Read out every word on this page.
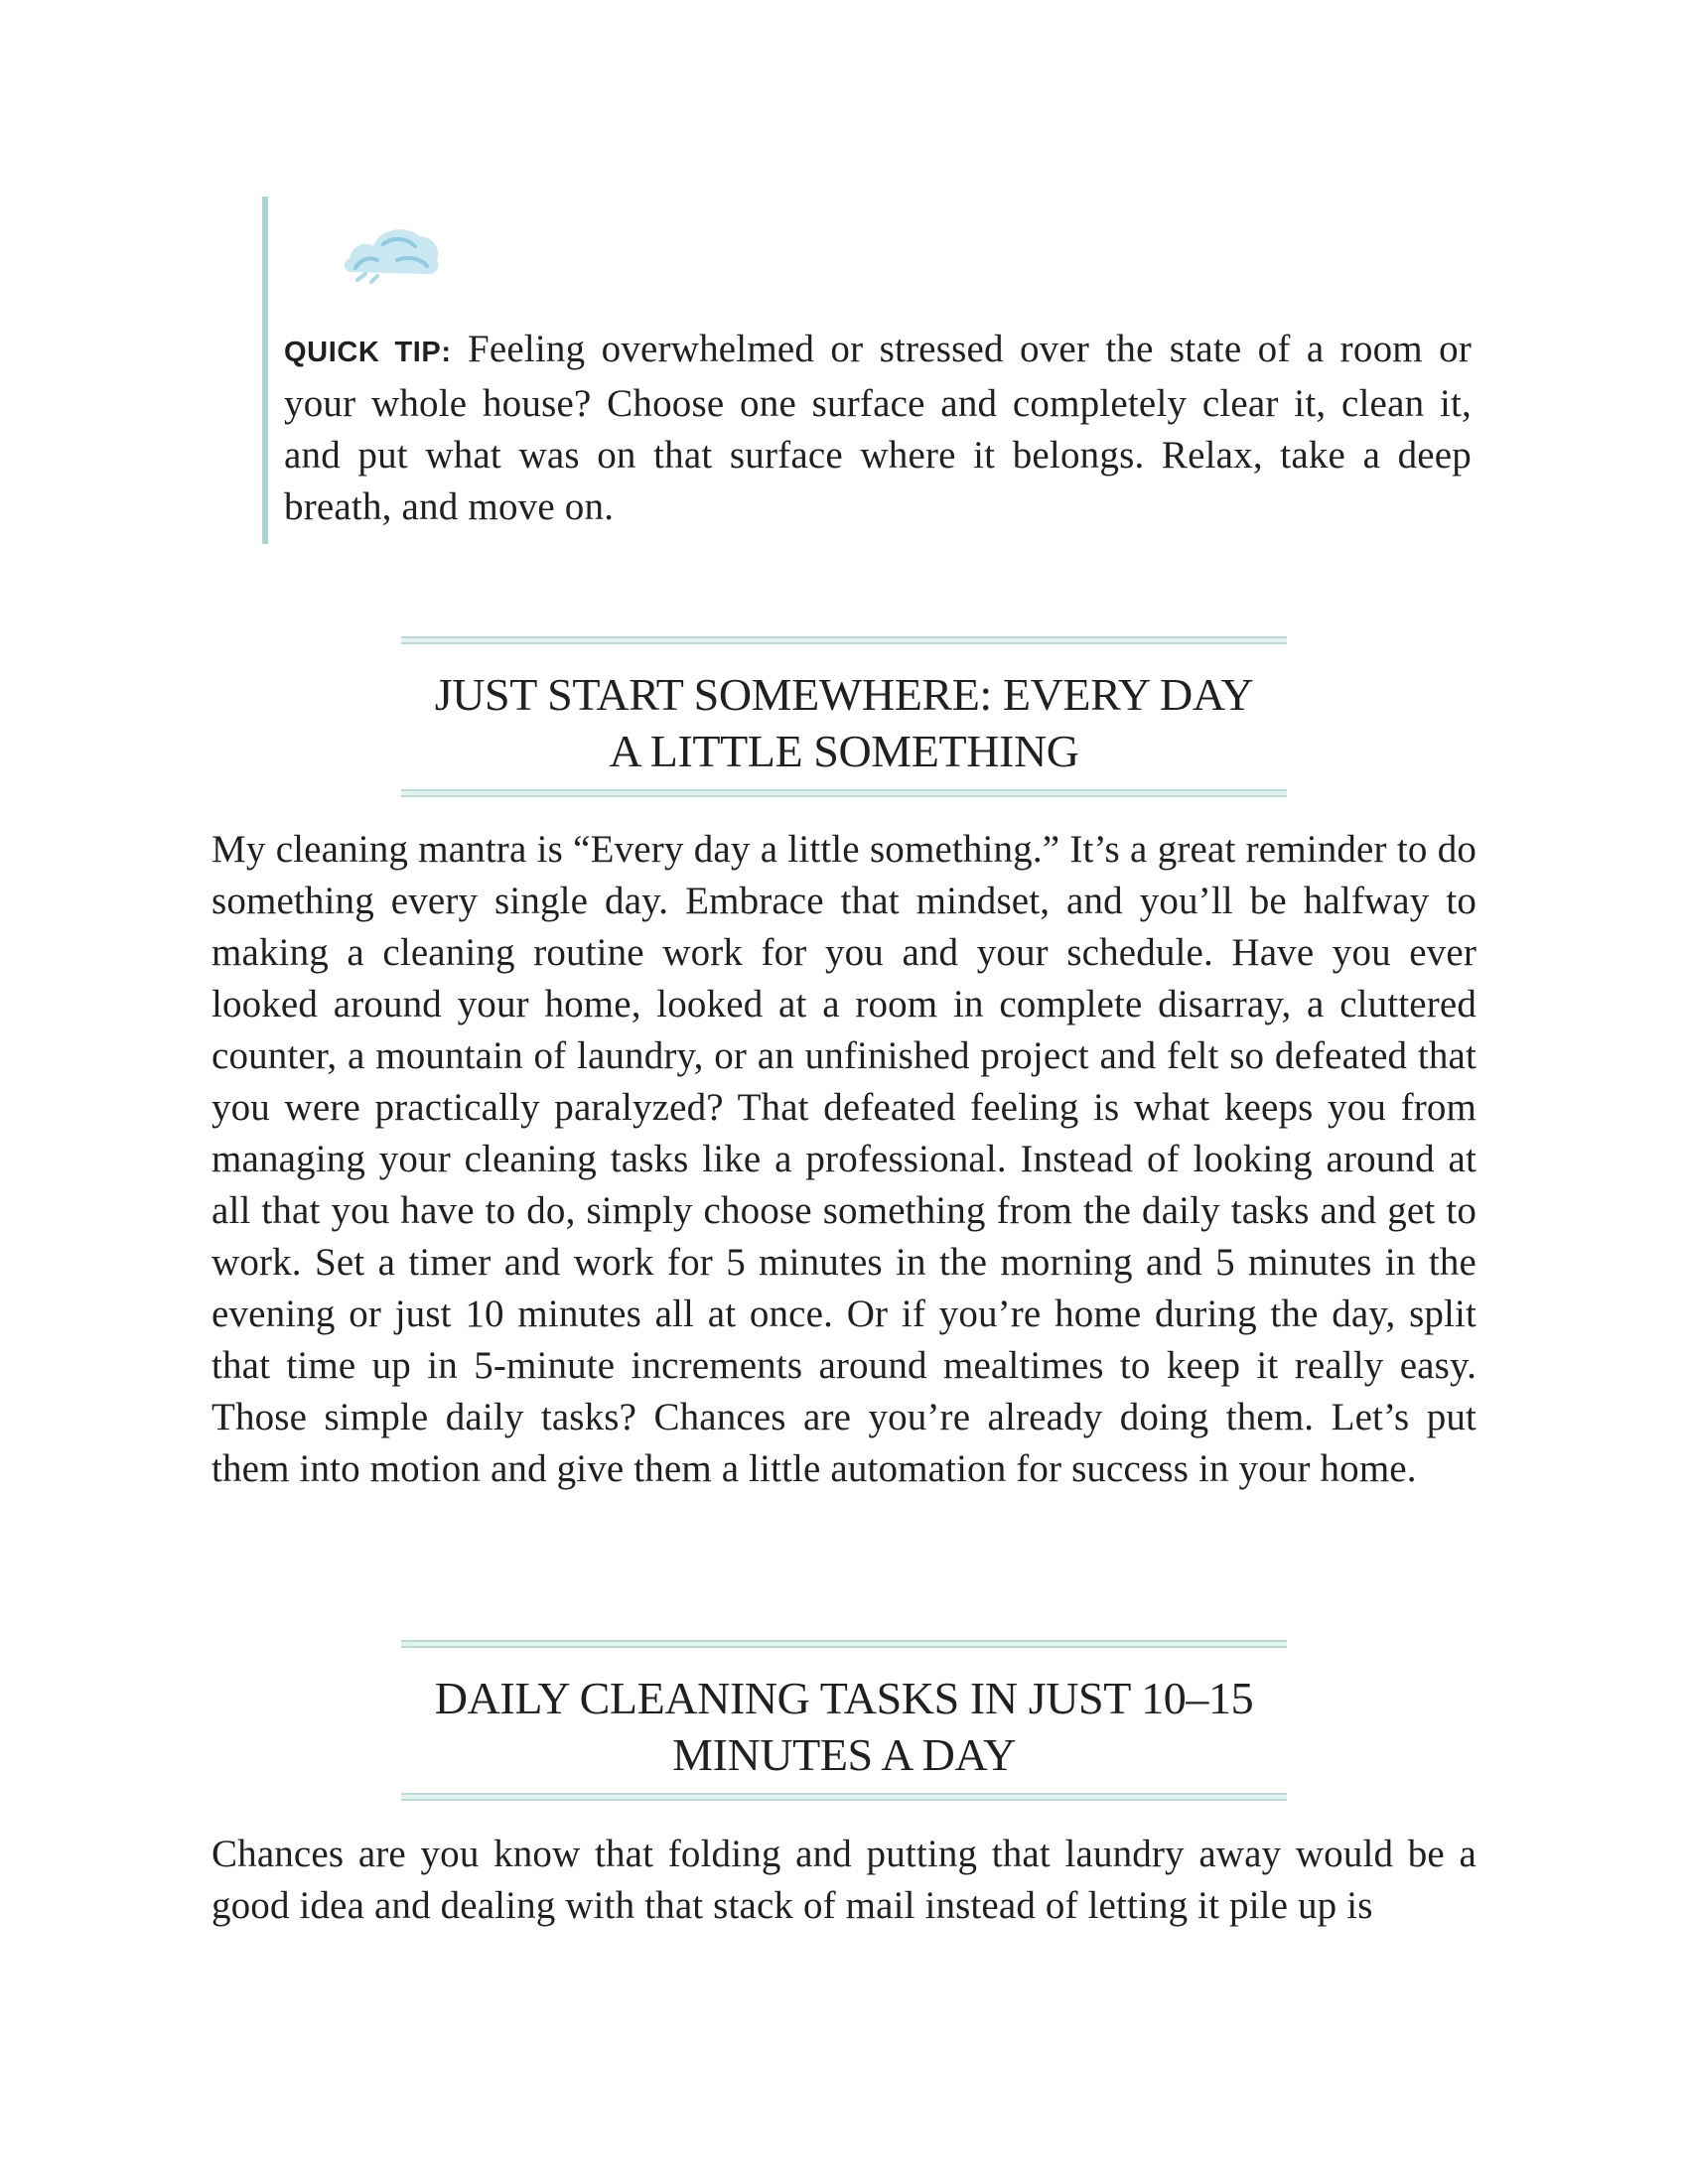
QUICK TIP: Feeling overwhelmed or stressed over the state of a room or your whole house? Choose one surface and completely clear it, clean it, and put what was on that surface where it belongs. Relax, take a deep breath, and move on.
JUST START SOMEWHERE: EVERY DAY
A LITTLE SOMETHING
My cleaning mantra is “Every day a little something.” It’s a great reminder to do something every single day. Embrace that mindset, and you’ll be halfway to making a cleaning routine work for you and your schedule. Have you ever looked around your home, looked at a room in complete disarray, a cluttered counter, a mountain of laundry, or an unfinished project and felt so defeated that you were practically paralyzed? That defeated feeling is what keeps you from managing your cleaning tasks like a professional. Instead of looking around at all that you have to do, simply choose something from the daily tasks and get to work. Set a timer and work for 5 minutes in the morning and 5 minutes in the evening or just 10 minutes all at once. Or if you’re home during the day, split that time up in 5-minute increments around mealtimes to keep it really easy. Those simple daily tasks? Chances are you’re already doing them. Let’s put them into motion and give them a little automation for success in your home.
DAILY CLEANING TASKS IN JUST 10–15
MINUTES A DAY
Chances are you know that folding and putting that laundry away would be a good idea and dealing with that stack of mail instead of letting it pile up is
